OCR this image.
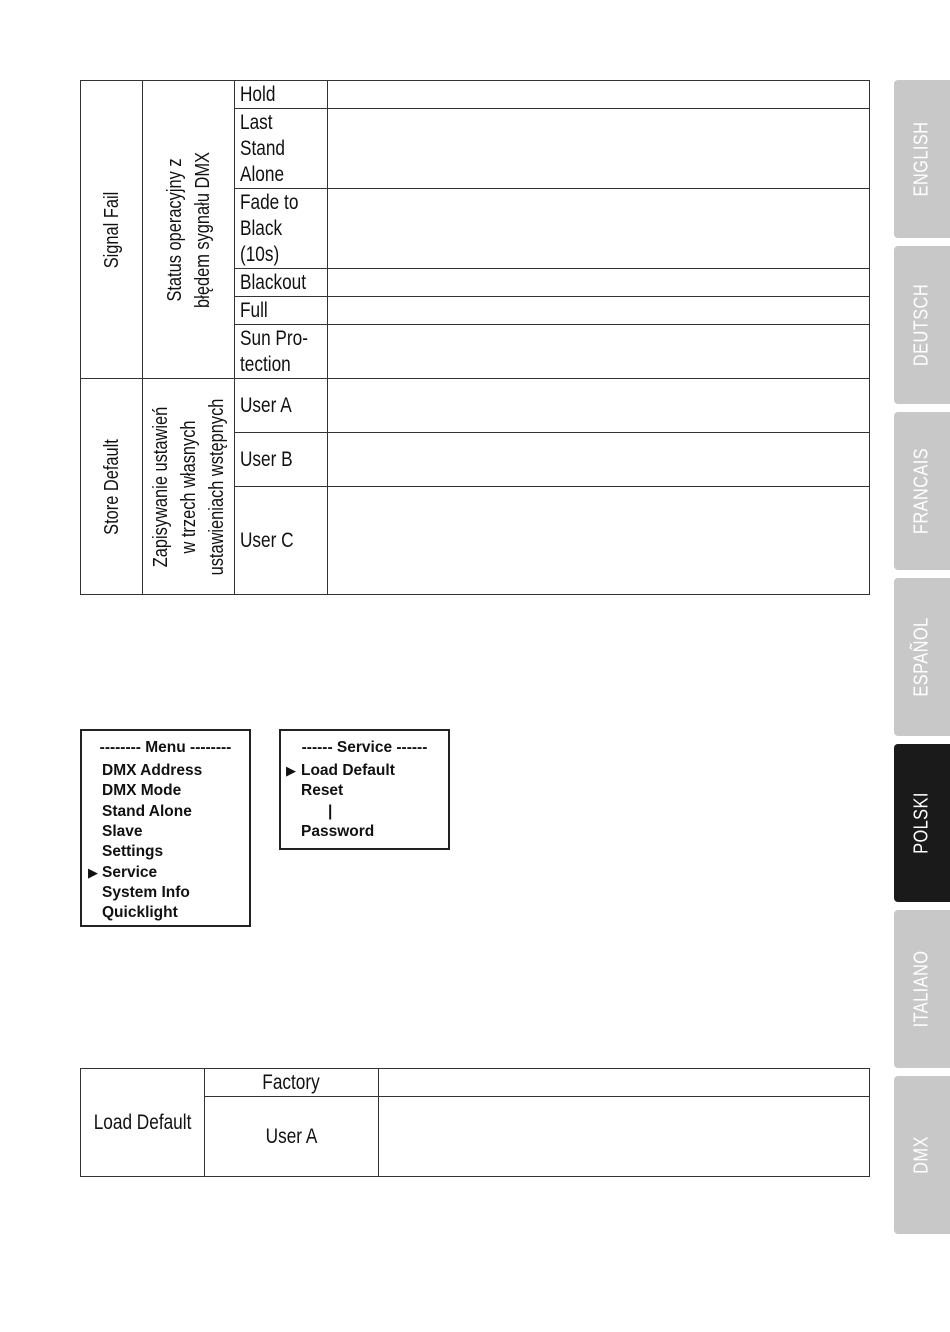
Signal Fail	Status operacyjny z błędem sygnału DMX	Hold	
		Last
Stand
Alone	
		Fade to
Black
(10s)	
		Blackout	
		Full	
		Sun Pro-
tection	

Store Default	Zapisywanie ustawień w trzech własnych ustawieniach wstępnych	User A	
		User B	
		User C	
-------- Menu --------
▶
DMX Address
DMX Mode
Stand Alone
Slave
Settings
Service
System Info
Quicklight
------ Service ------
▶ Load Default
Reset
|
Password
Load Default	Factory	
	User A	
ENGLISH
DEUTSCH
FRANCAIS
ESPAÑOL
POLSKI
ITALIANO
DMX
